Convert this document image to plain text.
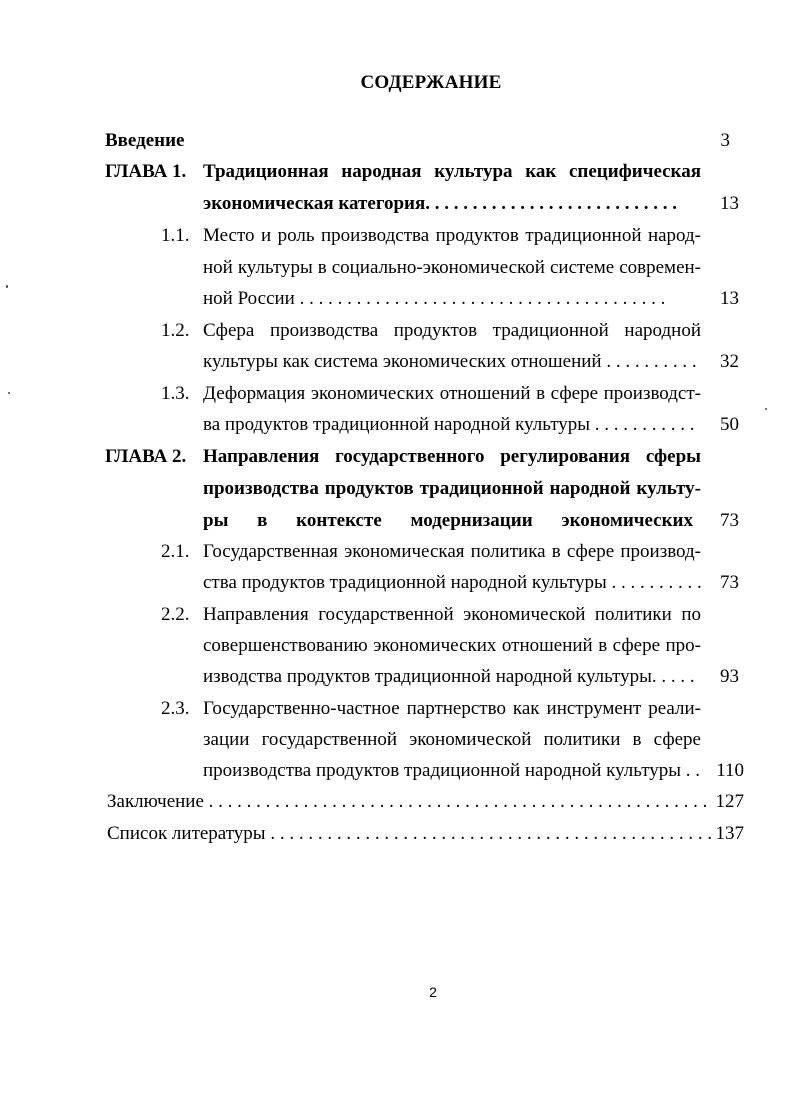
СОДЕРЖАНИЕ
Введение	3
ГЛАВА 1. Традиционная народная культура как специфическая
экономическая категория. . . . . . . . . . . . . . . . . . . . . . . . . . .	13
1.1. Место и роль производства продуктов традиционной народ-
ной культуры в социально-экономической системе современ-
ной России . . . . . . . . . . . . . . . . . . . . . . . . . . . . . . . . . . . . . . .	13
1.2. Сфера производства продуктов традиционной народной
культуры как система экономических отношений . . . . . . . . . .	32
1.3. Деформация экономических отношений в сфере производст-
ва продуктов традиционной народной культуры . . . . . . . . . . .	50
ГЛАВА 2. Направления государственного регулирования сферы
производства продуктов традиционной народной культу-
ры в контексте модернизации экономических	73
2.1. Государственная экономическая политика в сфере производ-
ства продуктов традиционной народной культуры . . . . . . . . . . 73
2.2. Направления государственной экономической политики по
совершенствованию экономических отношений в сфере про-
изводства продуктов традиционной народной культуры. . . . .	93
2.3. Государственно-частное партнерство как инструмент реали-
зации государственной экономической политики в сфере
производства продуктов традиционной народной культуры . . 110
Заключение . . . . . . . . . . . . . . . . . . . . . . . . . . . . . . . . . . . . . . . . . . . . . . . . . . . . . 127
Список литературы . . . . . . . . . . . . . . . . . . . . . . . . . . . . . . . . . . . . . . . . . . . . . . . 137
2
